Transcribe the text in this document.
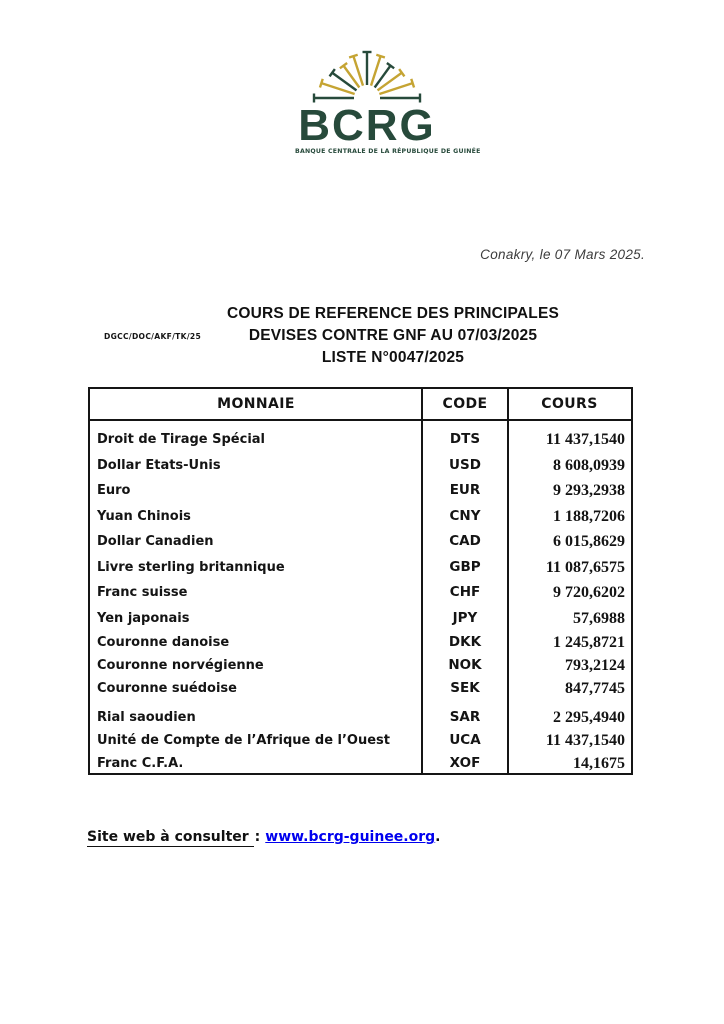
BCRG
BANQUE CENTRALE DE LA RÉPUBLIQUE DE GUINÉE
Conakry, le 07 Mars 2025.
DGCC/DOC/AKF/TK/25
COURS DE REFERENCE DES PRINCIPALES
DEVISES CONTRE GNF AU 07/03/2025
LISTE N°0047/2025
MONNAIE	CODE	COURS
Droit de Tirage Spécial	DTS	11 437,1540
Dollar Etats-Unis	USD	8 608,0939
Euro	EUR	9 293,2938
Yuan Chinois	CNY	1 188,7206
Dollar Canadien	CAD	6 015,8629
Livre sterling britannique	GBP	11 087,6575
Franc suisse	CHF	9 720,6202
Yen japonais	JPY	57,6988
Couronne danoise	DKK	1 245,8721
Couronne norvégienne	NOK	793,2124
Couronne suédoise	SEK	847,7745
Rial saoudien	SAR	2 295,4940
Unité de Compte de l’Afrique de l’Ouest	UCA	11 437,1540
Franc C.F.A.	XOF	14,1675
Site web à consulter : www.bcrg-guinee.org.
